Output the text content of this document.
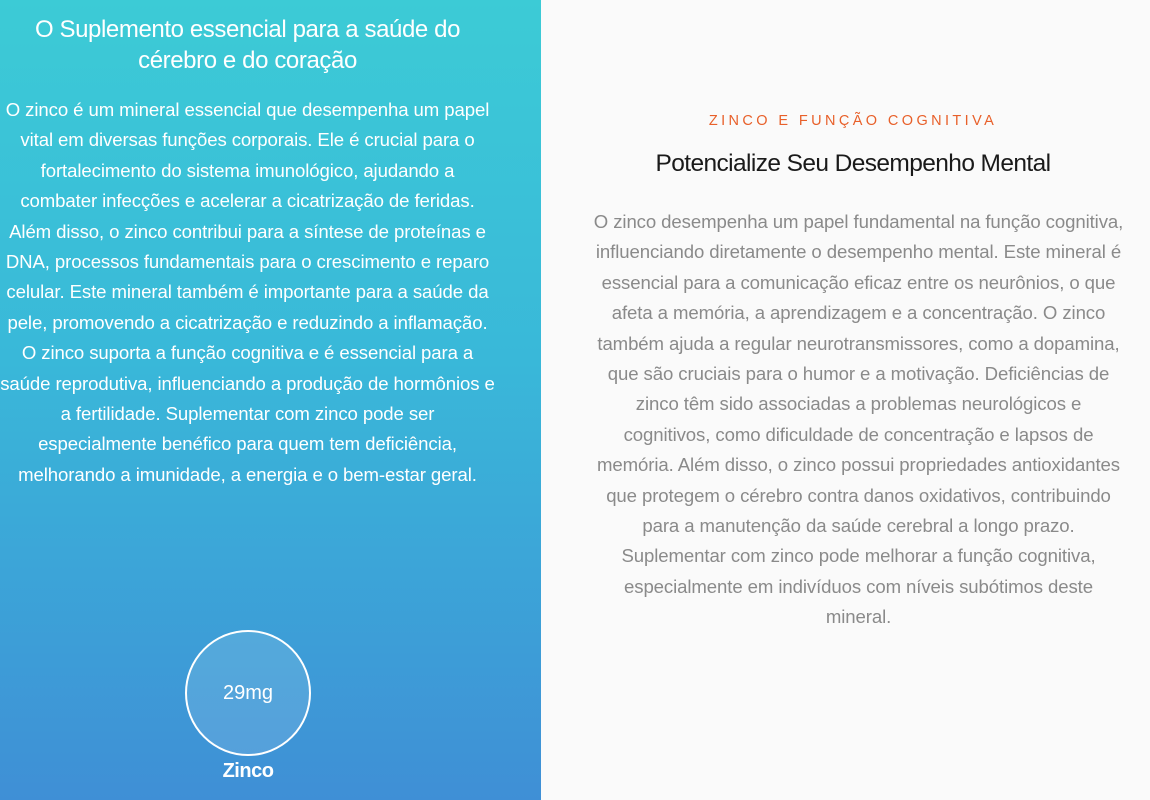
O Suplemento essencial para a saúde do cérebro e do coração

O zinco é um mineral essencial que desempenha um papel vital em diversas funções corporais. Ele é crucial para o fortalecimento do sistema imunológico, ajudando a combater infecções e acelerar a cicatrização de feridas. Além disso, o zinco contribui para a síntese de proteínas e DNA, processos fundamentais para o crescimento e reparo celular. Este mineral também é importante para a saúde da pele, promovendo a cicatrização e reduzindo a inflamação. O zinco suporta a função cognitiva e é essencial para a saúde reprodutiva, influenciando a produção de hormônios e a fertilidade. Suplementar com zinco pode ser especialmente benéfico para quem tem deficiência, melhorando a imunidade, a energia e o bem-estar geral.

29mg
Zinco
ZINCO E FUNÇÃO COGNITIVA
Potencialize Seu Desempenho Mental

O zinco desempenha um papel fundamental na função cognitiva, influenciando diretamente o desempenho mental. Este mineral é essencial para a comunicação eficaz entre os neurônios, o que afeta a memória, a aprendizagem e a concentração. O zinco também ajuda a regular neurotransmissores, como a dopamina, que são cruciais para o humor e a motivação. Deficiências de zinco têm sido associadas a problemas neurológicos e cognitivos, como dificuldade de concentração e lapsos de memória. Além disso, o zinco possui propriedades antioxidantes que protegem o cérebro contra danos oxidativos, contribuindo para a manutenção da saúde cerebral a longo prazo. Suplementar com zinco pode melhorar a função cognitiva, especialmente em indivíduos com níveis subótimos deste mineral.
